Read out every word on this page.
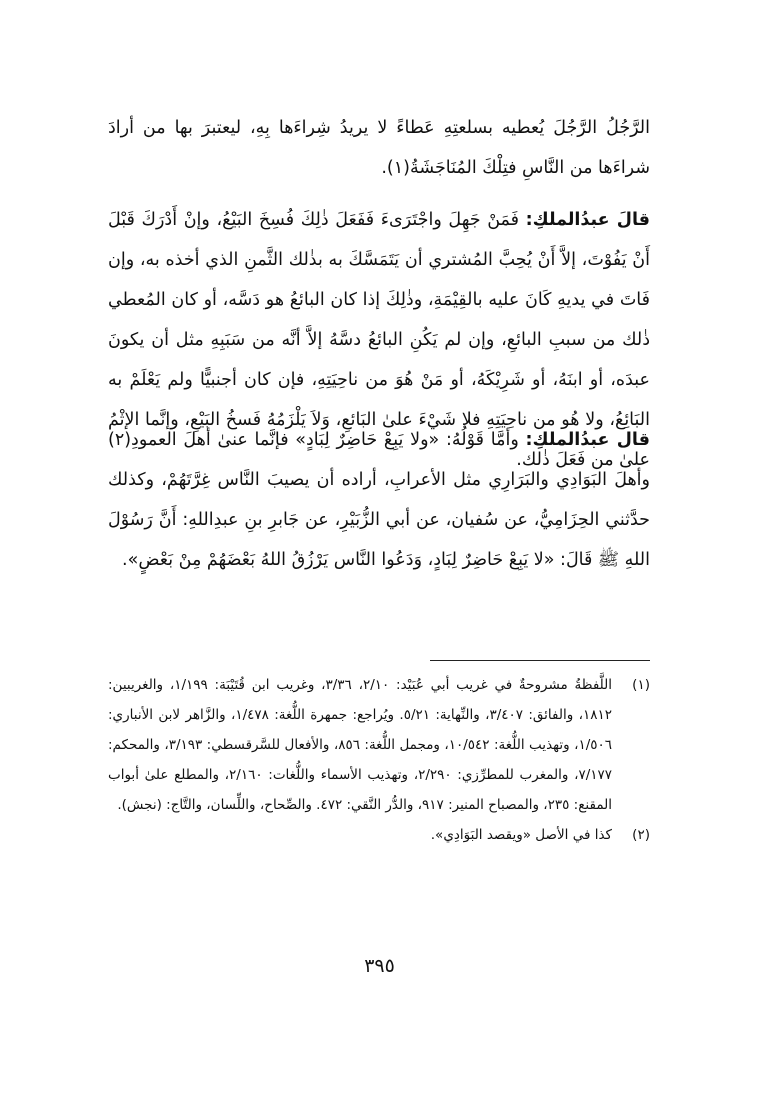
الرَّجُلُ الرَّجُلَ يُعطيه بسلعتِهِ عَطاءً لا يريدُ شِراءَها بِهِ، ليعتبرَ بها من أرادَ شراءَها من النَّاسِ فتِلْكَ المُنَاجَشَةُ(١).

قالَ عبدُالملكِ: فَمَنْ جَهِلَ واجْتَرَىءَ فَفَعَلَ ذٰلِكَ فُسِخَ البَيْعُ، وإنْ أَدْرَكَ قَبْلَ أَنْ يَفُوْتَ، إلاَّ أَنْ يُحِبَّ المُشتري أن يَتَمَسَّكَ به بذٰلك الثَّمنِ الذي أخذه به، وإن فَاتَ في يديهِ كَانَ عليه بالقِيْمَةِ، وذٰلِكَ إذا كان البائعُ هو دَسَّه، أو كان المُعطي ذٰلك من سببِ البائعِ، وإن لم يَكُنِ البائعُ دسَّهُ إلاَّ أنَّه من سَبَبِهِ مثل أن يكونَ عبدَه، أو ابنَهُ، أو شَرِيْكَهُ، أو مَنْ هُوَ من ناحِيَتِهِ، فإن كان أجنبيًّا ولم يَعْلَمْ به البَائِعُ، ولا هُو من ناحِيَتِهِ فلا شَيْءَ علىٰ البَائعِ، وَلاَ يَلْزَمُهُ فَسخُ البَيْعِ، وإنَّما الإثْمُ علىٰ من فَعَلَ ذٰلك.

قال عبدُالملكِ: وأمَّا قَوْلُهُ: «ولا يَبِعْ حَاضِرٌ لِبَادٍ» فإنَّما عنىٰ أهلَ العمودِ(٢) وأهلَ البَوَادِي والبَرَارِي مثل الأعرابِ، أراده أن يصيبَ النَّاس غِرَّتَهُمْ، وكذلك حدَّثني الحِزَامِيُّ، عن سُفيان، عن أبي الزُّبَيْرِ، عن جَابرِ بنِ عبدِاللهِ: أَنَّ رَسُوْلَ اللهِ ﷺ قَالَ: «لا يَبِعْ حَاضِرٌ لِبَادٍ، وَدَعُوا النَّاس يَرْزُقُ اللهُ بَعْضَهُمْ مِنْ بَعْضٍ».

(١)
اللَّفظةُ مشروحةٌ في غريب أبي عُبَيْد: ٢/١٠، ٣/٣٦، وغريب ابن قُتَيْبَة: ١/١٩٩، والغريبين: ١٨١٢، والفائق: ٣/٤٠٧، والنِّهاية: ٥/٢١. ويُراجع: جمهرة اللُّغة: ١/٤٧٨، والزَّاهر لابن الأنباري: ١/٥٠٦، وتهذيب اللُّغة: ١٠/٥٤٢، ومجمل اللُّغة: ٨٥٦، والأفعال للسَّرقسطي: ٣/١٩٣، والمحكم: ٧/١٧٧، والمغرب للمطرِّزي: ٢/٢٩٠، وتهذيب الأسماء واللُّغات: ٢/١٦٠، والمطلع علىٰ أبواب المقنع: ٢٣٥، والمصباح المنير: ٩١٧، والدُّر النَّقي: ٤٧٢. والصِّحاح، واللِّسان، والتَّاج: (نجش).

(٢)
كذا في الأصل «ويقصد البَوَادِي».

٣٩٥
